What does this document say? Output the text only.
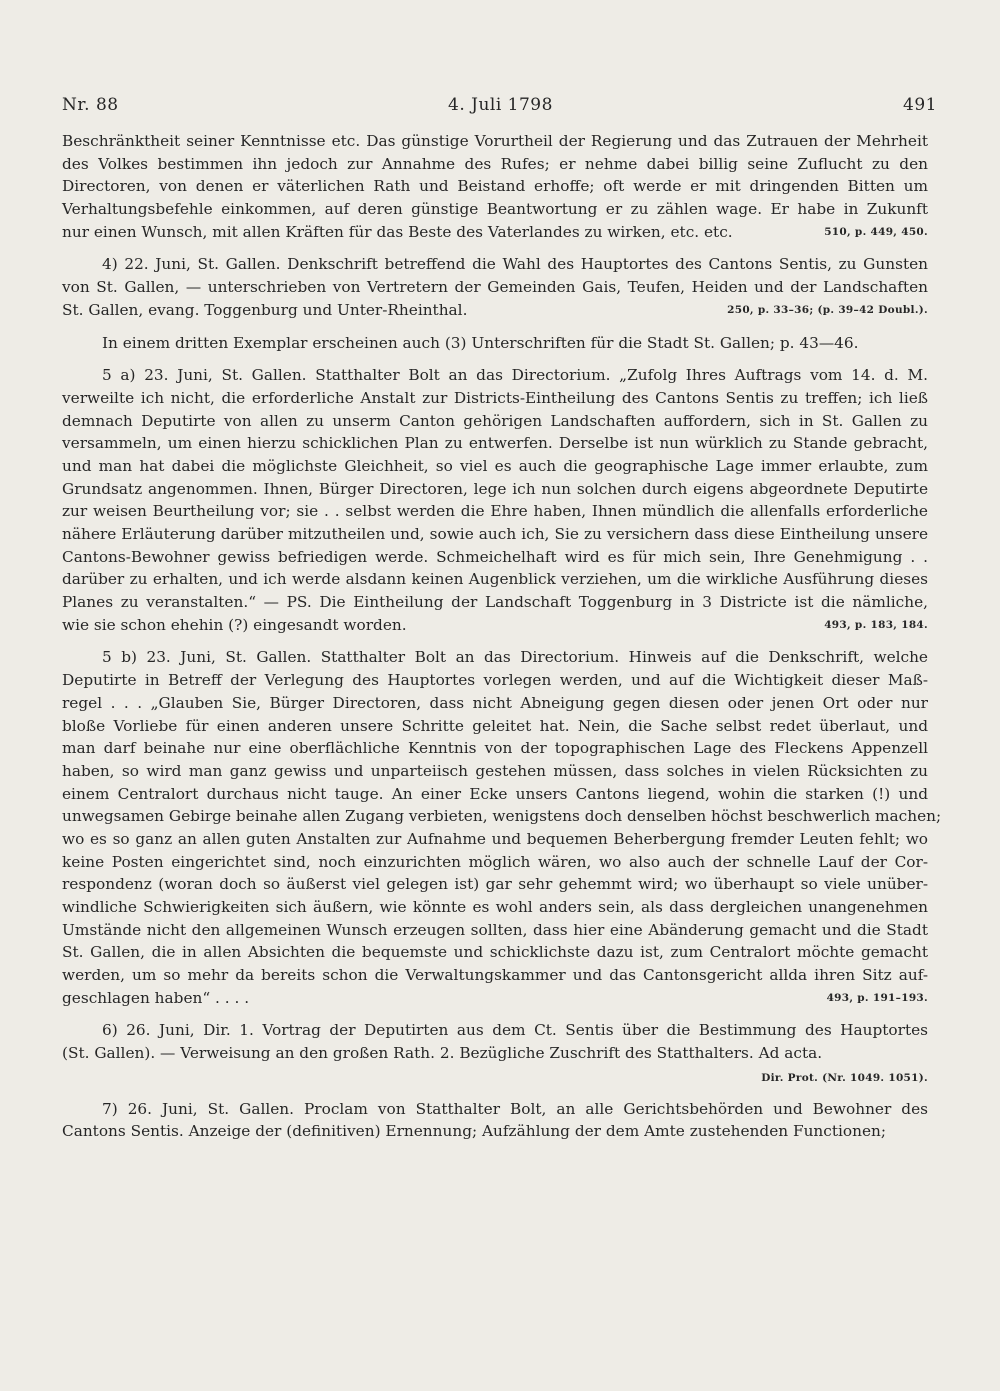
Nr. 88	4. Juli 1798	491
Beschränktheit seiner Kenntnisse etc. Das günstige Vorurtheil der Regierung und das Zutrauen der Mehrheit
des Volkes bestimmen ihn jedoch zur Annahme des Rufes; er nehme dabei billig seine Zuflucht zu den
Directoren, von denen er väterlichen Rath und Beistand erhoffe; oft werde er mit dringenden Bitten um
Verhaltungsbefehle einkommen, auf deren günstige Beantwortung er zu zählen wage. Er habe in Zukunft
nur einen Wunsch, mit allen Kräften für das Beste des Vaterlandes zu wirken, etc. etc.	510, p. 449, 450.
4) 22. Juni, St. Gallen. Denkschrift betreffend die Wahl des Hauptortes des Cantons Sentis, zu Gunsten
von St. Gallen, — unterschrieben von Vertretern der Gemeinden Gais, Teufen, Heiden und der Landschaften
St. Gallen, evang. Toggenburg und Unter-Rheinthal.	250, p. 33–36; (p. 39–42 Doubl.).
In einem dritten Exemplar erscheinen auch (3) Unterschriften für die Stadt St. Gallen; p. 43—46.
5 a) 23. Juni, St. Gallen. Statthalter Bolt an das Directorium. „Zufolg Ihres Auftrags vom 14. d. M.
verweilte ich nicht, die erforderliche Anstalt zur Districts-Eintheilung des Cantons Sentis zu treffen; ich ließ
demnach Deputirte von allen zu unserm Canton gehörigen Landschaften auffordern, sich in St. Gallen zu
versammeln, um einen hierzu schicklichen Plan zu entwerfen. Derselbe ist nun würklich zu Stande gebracht,
und man hat dabei die möglichste Gleichheit, so viel es auch die geographische Lage immer erlaubte, zum
Grundsatz angenommen. Ihnen, Bürger Directoren, lege ich nun solchen durch eigens abgeordnete Deputirte
zur weisen Beurtheilung vor; sie . . selbst werden die Ehre haben, Ihnen mündlich die allenfalls erforderliche
nähere Erläuterung darüber mitzutheilen und, sowie auch ich, Sie zu versichern dass diese Eintheilung unsere
Cantons-Bewohner gewiss befriedigen werde. Schmeichelhaft wird es für mich sein, Ihre Genehmigung . .
darüber zu erhalten, und ich werde alsdann keinen Augenblick verziehen, um die wirkliche Ausführung dieses
Planes zu veranstalten.“ — PS. Die Eintheilung der Landschaft Toggenburg in 3 Districte ist die nämliche,
wie sie schon ehehin (?) eingesandt worden.	493, p. 183, 184.
5 b) 23. Juni, St. Gallen. Statthalter Bolt an das Directorium. Hinweis auf die Denkschrift, welche
Deputirte in Betreff der Verlegung des Hauptortes vorlegen werden, und auf die Wichtigkeit dieser Maß-
regel . . . „Glauben Sie, Bürger Directoren, dass nicht Abneigung gegen diesen oder jenen Ort oder nur
bloße Vorliebe für einen anderen unsere Schritte geleitet hat. Nein, die Sache selbst redet überlaut, und
man darf beinahe nur eine oberflächliche Kenntnis von der topographischen Lage des Fleckens Appenzell
haben, so wird man ganz gewiss und unparteiisch gestehen müssen, dass solches in vielen Rücksichten zu
einem Centralort durchaus nicht tauge. An einer Ecke unsers Cantons liegend, wohin die starken (!) und
unwegsamen Gebirge beinahe allen Zugang verbieten, wenigstens doch denselben höchst beschwerlich machen;
wo es so ganz an allen guten Anstalten zur Aufnahme und bequemen Beherbergung fremder Leuten fehlt; wo
keine Posten eingerichtet sind, noch einzurichten möglich wären, wo also auch der schnelle Lauf der Cor-
respondenz (woran doch so äußerst viel gelegen ist) gar sehr gehemmt wird; wo überhaupt so viele unüber-
windliche Schwierigkeiten sich äußern, wie könnte es wohl anders sein, als dass dergleichen unangenehmen
Umstände nicht den allgemeinen Wunsch erzeugen sollten, dass hier eine Abänderung gemacht und die Stadt
St. Gallen, die in allen Absichten die bequemste und schicklichste dazu ist, zum Centralort möchte gemacht
werden, um so mehr da bereits schon die Verwaltungskammer und das Cantonsgericht allda ihren Sitz auf-
geschlagen haben“ . . . .	493, p. 191–193.
6) 26. Juni, Dir. 1. Vortrag der Deputirten aus dem Ct. Sentis über die Bestimmung des Hauptortes
(St. Gallen). — Verweisung an den großen Rath. 2. Bezügliche Zuschrift des Statthalters. Ad acta.
Dir. Prot. (Nr. 1049. 1051).
7) 26. Juni, St. Gallen. Proclam von Statthalter Bolt, an alle Gerichtsbehörden und Bewohner des
Cantons Sentis. Anzeige der (definitiven) Ernennung; Aufzählung der dem Amte zustehenden Functionen;
